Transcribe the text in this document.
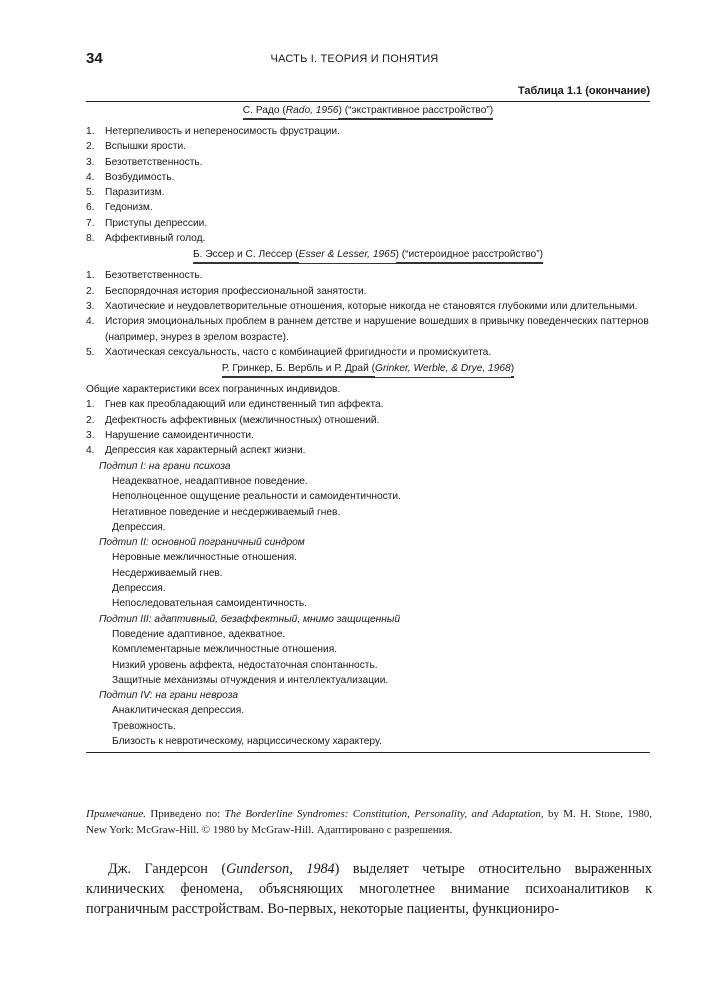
34	ЧАСТЬ I. ТЕОРИЯ И ПОНЯТИЯ
Таблица 1.1 (окончание)
С. Радо (Rado, 1956) (“экстрактивное расстройство”)
1. Нетерпеливость и непереносимость фрустрации.
2. Вспышки ярости.
3. Безответственность.
4. Возбудимость.
5. Паразитизм.
6. Гедонизм.
7. Приступы депрессии.
8. Аффективный голод.
Б. Эссер и С. Лессер (Esser & Lesser, 1965) (“истероидное расстройство”)
1. Безответственность.
2. Беспорядочная история профессиональной занятости.
3. Хаотические и неудовлетворительные отношения, которые никогда не становятся глубокими или длительными.
4. История эмоциональных проблем в раннем детстве и нарушение вошедших в привычку поведенческих паттернов (например, энурез в зрелом возрасте).
5. Хаотическая сексуальность, часто с комбинацией фригидности и промискуитета.
Р. Гринкер, Б. Вербль и Р. Драй (Grinker, Werble, & Drye, 1968)
Общие характеристики всех пограничных индивидов.
1. Гнев как преобладающий или единственный тип аффекта.
2. Дефектность аффективных (межличностных) отношений.
3. Нарушение самоидентичности.
4. Депрессия как характерный аспект жизни.
Подтип I: на грани психоза
Неадекватное, неадаптивное поведение.
Неполноценное ощущение реальности и самоидентичности.
Негативное поведение и несдерживаемый гнев.
Депрессия.
Подтип II: основной пограничный синдром
Неровные межличностные отношения.
Несдерживаемый гнев.
Депрессия.
Непоследовательная самоидентичность.
Подтип III: адаптивный, безаффектный, мнимо защищенный
Поведение адаптивное, адекватное.
Комплементарные межличностные отношения.
Низкий уровень аффекта, недостаточная спонтанность.
Защитные механизмы отчуждения и интеллектуализации.
Подтип IV: на грани невроза
Анаклитическая депрессия.
Тревожность.
Близость к невротическому, нарциссическому характеру.
Примечание. Приведено по: The Borderline Syndromes: Constitution, Personality, and Adaptation, by M. H. Stone, 1980, New York: McGraw-Hill. © 1980 by McGraw-Hill. Адаптировано с разрешения.
Дж. Гандерсон (Gunderson, 1984) выделяет четыре относительно выраженных клинических феномена, объясняющих многолетнее внимание психоаналитиков к пограничным расстройствам. Во-первых, некоторые пациенты, функциониро-
